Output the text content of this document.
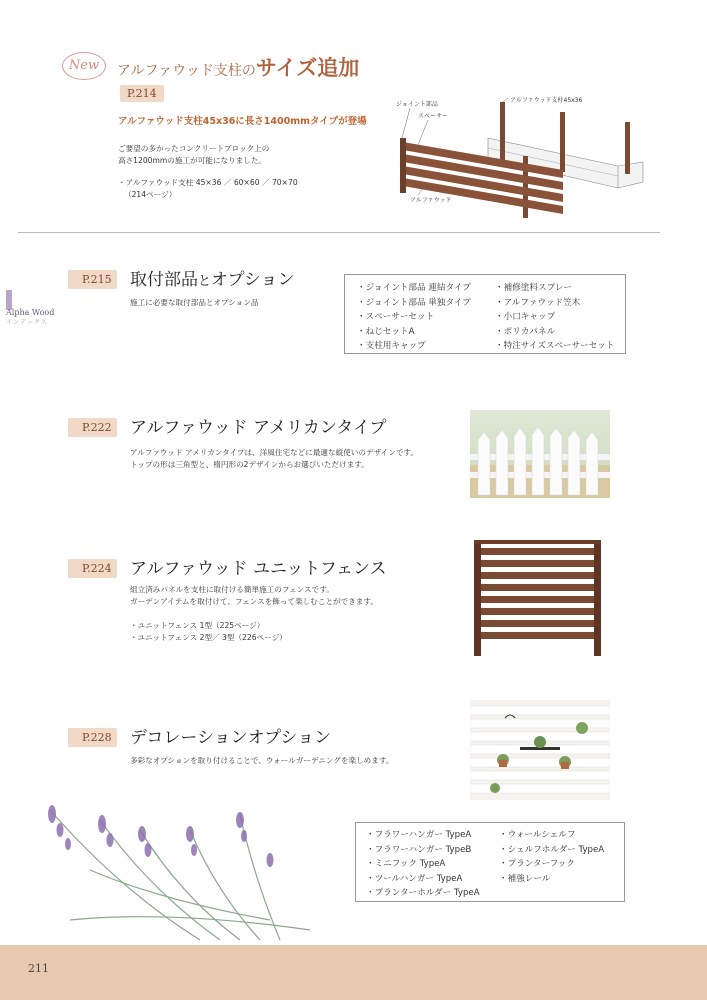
New	アルファウッド支柱のサイズ追加
P.214
アルファウッド支柱45x36に長さ1400mmタイプが登場
ご要望の多かったコンクリートブロック上の
高さ1200mmの施工が可能になりました。
・アルファウッド支柱 45×36 ／ 60×60 ／ 70×70
（214ページ）
ジョイント部品
スペーサー
アルファウッド支柱45x36
アルファウッド
Alpha Wood
インデックス
P.215 取付部品とオプション
施工に必要な取付部品とオプション品
・ジョイント部品 連結タイプ
・ジョイント部品 単独タイプ
・スペーサーセット
・ねじセットA
・支柱用キャップ
・補修塗料スプレー
・アルファウッド笠木
・小口キャップ
・ポリカパネル
・特注サイズスペーサーセット
P.222 アルファウッド アメリカンタイプ
アルファウッド アメリカンタイプは、洋風住宅などに最適な縦使いのデザインです。
トップの形は三角型と、楕円形の2デザインからお選びいただけます。
P.224 アルファウッド ユニットフェンス
組立済みパネルを支柱に取付ける簡単施工のフェンスです。
ガーデンアイテムを取付けて、フェンスを飾って楽しむことができます。
・ユニットフェンス 1型（225ページ）
・ユニットフェンス 2型／ 3型（226ページ）
P.228 デコレーションオプション
多彩なオプションを取り付けることで、ウォールガーデニングを楽しめます。
・フラワーハンガー TypeA
・フラワーハンガー TypeB
・ミニフック TypeA
・ツールハンガー TypeA
・プランターホルダー TypeA
・ウォールシェルフ
・シェルフホルダー TypeA
・プランターフック
・補強レール
211
